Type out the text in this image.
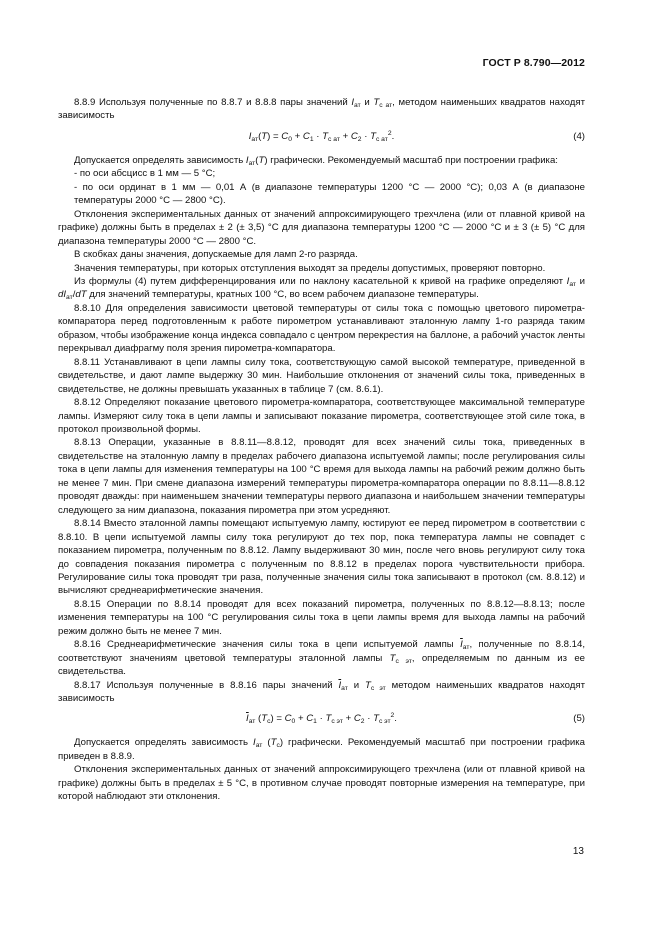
ГОСТ Р 8.790—2012

8.8.9 Используя полученные по 8.8.7 и 8.8.8 пары значений $I_{ат}$ и $T_{с ат}$, методом наименьших квадратов находят зависимость

$I_{ат}(T) = C_0 + C_1 \cdot T_{с ат} + C_2 \cdot T_{с ат}^2$.	(4)

Допускается определять зависимость $I_{ат}(T)$ графически. Рекомендуемый масштаб при построении графика:

- по оси абсцисс в 1 мм — 5 °С;

- по оси ординат в 1 мм — 0,01 А (в диапазоне температуры 1200 °С — 2000 °С); 0,03 А (в диапазоне температуры 2000 °С — 2800 °С).

Отклонения экспериментальных данных от значений аппроксимирующего трехчлена (или от плавной кривой на графике) должны быть в пределах ± 2 (± 3,5) °С для диапазона температуры 1200 °С — 2000 °С и ± 3 (± 5) °С для диапазона температуры 2000 °С — 2800 °С.

В скобках даны значения, допускаемые для ламп 2-го разряда.

Значения температуры, при которых отступления выходят за пределы допустимых, проверяют повторно.

Из формулы (4) путем дифференцирования или по наклону касательной к кривой на графике определяют $I_{ат}$ и $dI_{ат}/dT$ для значений температуры, кратных 100 °С, во всем рабочем диапазоне температуры.

8.8.10 Для определения зависимости цветовой температуры от силы тока с помощью цветового пирометра-компаратора перед подготовленным к работе пирометром устанавливают эталонную лампу 1-го разряда таким образом, чтобы изображение конца индекса совпадало с центром перекрестия на баллоне, а рабочий участок ленты перекрывал диафрагму поля зрения пирометра-компаратора.

8.8.11 Устанавливают в цепи лампы силу тока, соответствующую самой высокой температуре, приведенной в свидетельстве, и дают лампе выдержку 30 мин. Наибольшие отклонения от значений силы тока, приведенных в свидетельстве, не должны превышать указанных в таблице 7 (см. 8.6.1).

8.8.12 Определяют показание цветового пирометра-компаратора, соответствующее максимальной температуре лампы. Измеряют силу тока в цепи лампы и записывают показание пирометра, соответствующее этой силе тока, в протокол произвольной формы.

8.8.13 Операции, указанные в 8.8.11—8.8.12, проводят для всех значений силы тока, приведенных в свидетельстве на эталонную лампу в пределах рабочего диапазона испытуемой лампы; после регулирования силы тока в цепи лампы для изменения температуры на 100 °С время для выхода лампы на рабочий режим должно быть не менее 7 мин. При смене диапазона измерений температуры пирометра-компаратора операции по 8.8.11—8.8.12 проводят дважды: при наименьшем значении температуры первого диапазона и наибольшем значении температуры следующего за ним диапазона, показания пирометра при этом усредняют.

8.8.14 Вместо эталонной лампы помещают испытуемую лампу, юстируют ее перед пирометром в соответствии с 8.8.10. В цепи испытуемой лампы силу тока регулируют до тех пор, пока температура лампы не совпадет с показанием пирометра, полученным по 8.8.12. Лампу выдерживают 30 мин, после чего вновь регулируют силу тока до совпадения показания пирометра с полученным по 8.8.12 в пределах порога чувствительности прибора. Регулирование силы тока проводят три раза, полученные значения силы тока записывают в протокол (см. 8.8.12) и вычисляют среднеарифметические значения.

8.8.15 Операции по 8.8.14 проводят для всех показаний пирометра, полученных по 8.8.12—8.8.13; после изменения температуры на 100 °С регулирования силы тока в цепи лампы время для выхода лампы на рабочий режим должно быть не менее 7 мин.

8.8.16 Среднеарифметические значения силы тока в цепи испытуемой лампы $\overline{I}_{ат}$, полученные по 8.8.14, соответствуют значениям цветовой температуры эталонной лампы $T_{с эт}$, определяемым по данным из ее свидетельства.

8.8.17 Используя полученные в 8.8.16 пары значений $\overline{I}_{ат}$ и $T_{с эт}$ методом наименьших квадратов находят зависимость

$\overline{I}_{ат}$ $(T_с) = C_0 + C_1 \cdot T_{с эт} + C_2 \cdot T_{с эт}^2$.	(5)

Допускается определять зависимость $I_{ат}$ $(T_с)$ графически. Рекомендуемый масштаб при построении графика приведен в 8.8.9.

Отклонения экспериментальных данных от значений аппроксимирующего трехчлена (или от плавной кривой на графике) должны быть в пределах ± 5 °С, в противном случае проводят повторные измерения на температуре, при которой наблюдают эти отклонения.

13
